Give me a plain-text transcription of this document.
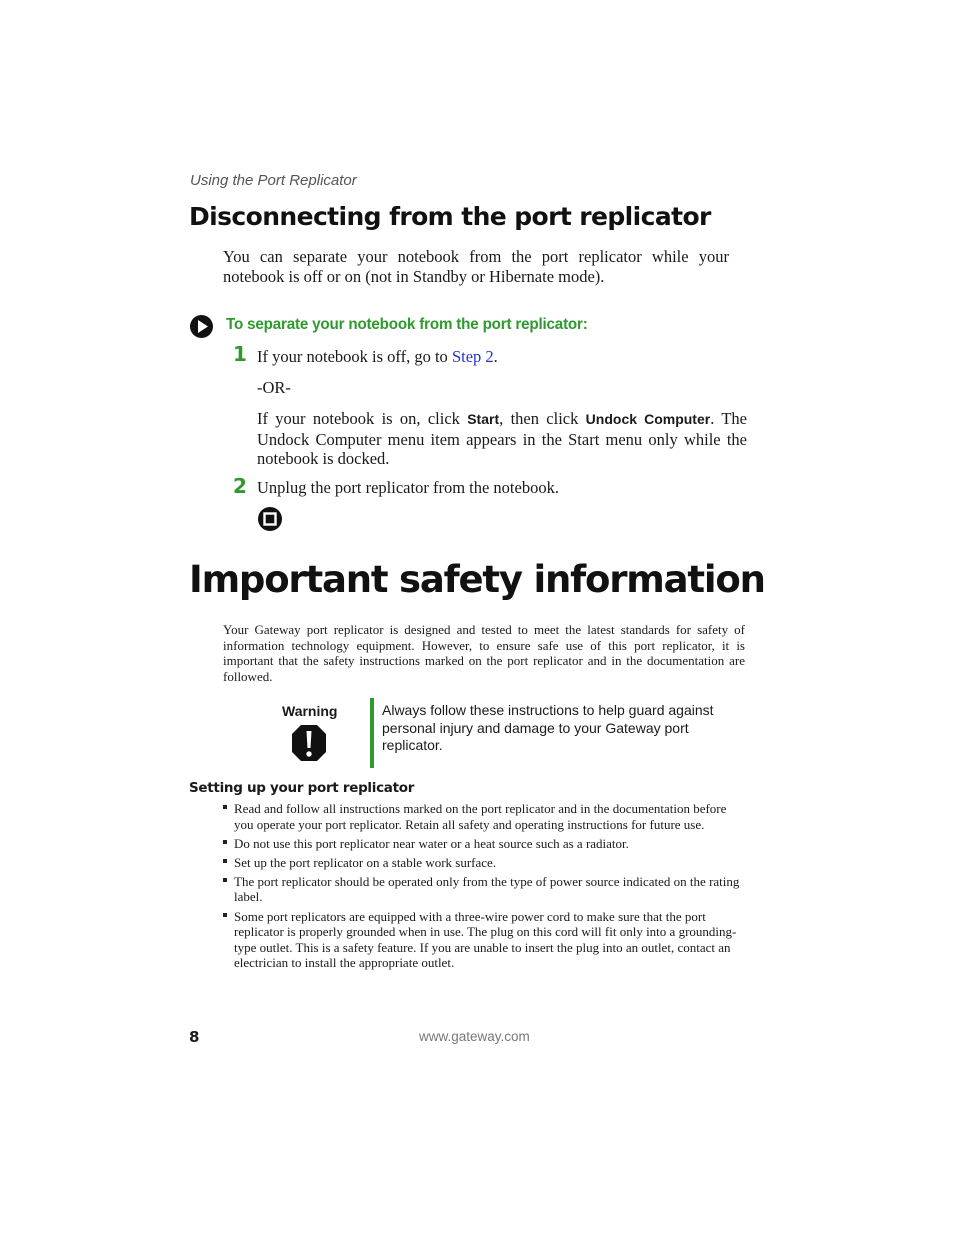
Using the Port Replicator
Disconnecting from the port replicator
You can separate your notebook from the port replicator while your notebook is off or on (not in Standby or Hibernate mode).
To separate your notebook from the port replicator:
1 If your notebook is off, go to Step 2.
-OR-
If your notebook is on, click Start, then click Undock Computer. The Undock Computer menu item appears in the Start menu only while the notebook is docked.
2 Unplug the port replicator from the notebook.
Important safety information
Your Gateway port replicator is designed and tested to meet the latest standards for safety of information technology equipment. However, to ensure safe use of this port replicator, it is important that the safety instructions marked on the port replicator and in the documentation are followed.
Warning	Always follow these instructions to help guard against personal injury and damage to your Gateway port replicator.
Setting up your port replicator
Read and follow all instructions marked on the port replicator and in the documentation before you operate your port replicator. Retain all safety and operating instructions for future use.
Do not use this port replicator near water or a heat source such as a radiator.
Set up the port replicator on a stable work surface.
The port replicator should be operated only from the type of power source indicated on the rating label.
Some port replicators are equipped with a three-wire power cord to make sure that the port replicator is properly grounded when in use. The plug on this cord will fit only into a grounding-type outlet. This is a safety feature. If you are unable to insert the plug into an outlet, contact an electrician to install the appropriate outlet.
8	www.gateway.com
